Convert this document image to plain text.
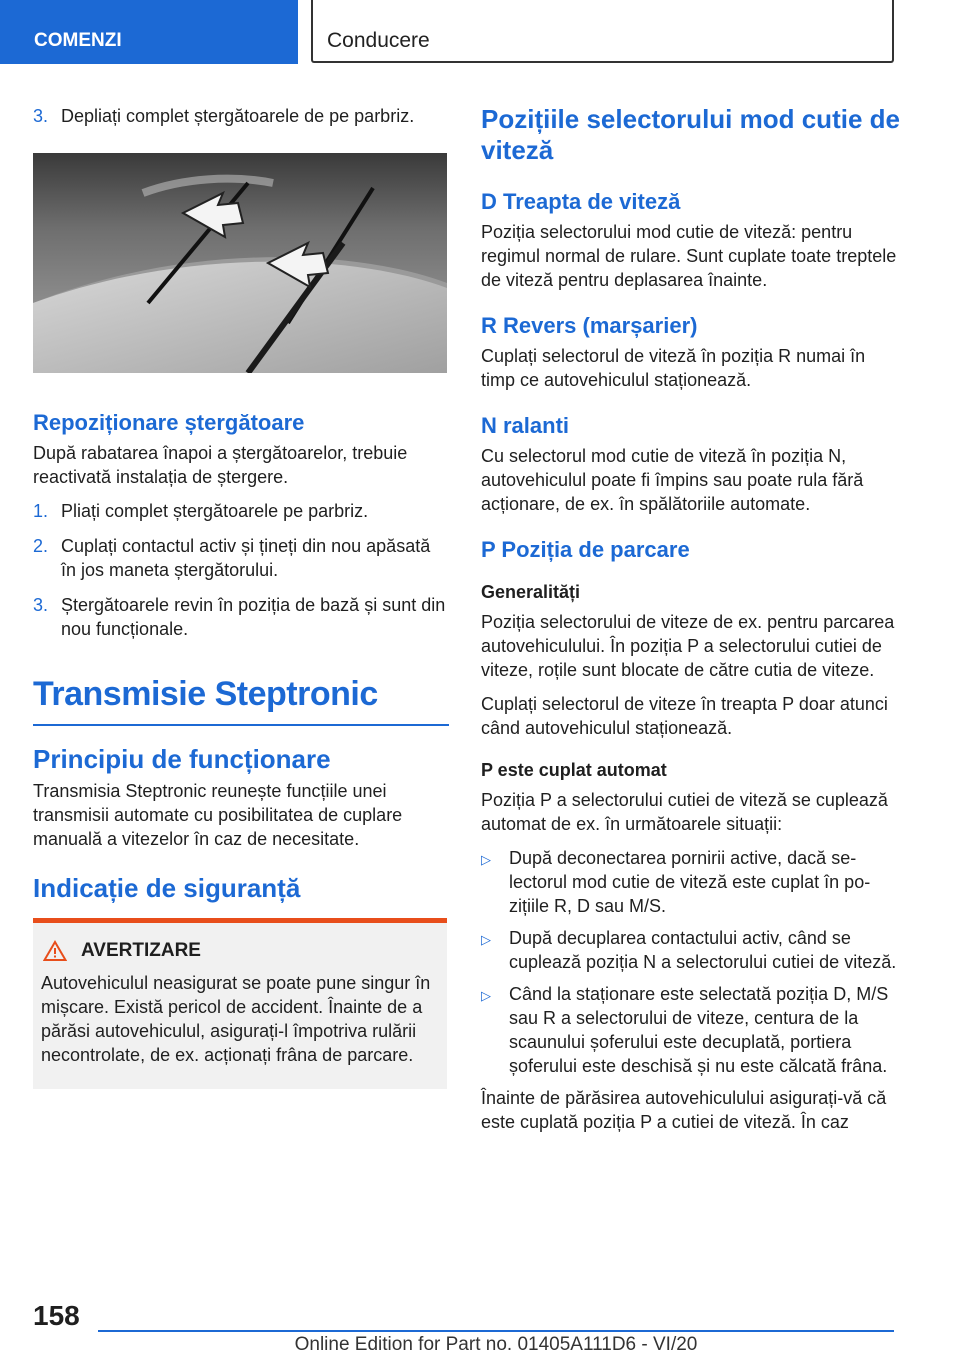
COMENZI	Conducere
3. Depliați complet ștergătoarele de pe parbriz.
Repoziționare ștergătoare

După rabatarea înapoi a ștergătoarelor, trebuie reactivată instalația de ștergere.

1. Pliați complet ștergătoarele pe parbriz.
2. Cuplați contactul activ și țineți din nou apăsată în jos maneta ștergătorului.
3. Ștergătoarele revin în poziția de bază și sunt din nou funcționale.
Transmisie Steptronic
Principiu de funcționare

Transmisia Steptronic reunește funcțiile unei transmisii automate cu posibilitatea de cuplare manuală a vitezelor în caz de necesitate.

Indicație de siguranță
AVERTIZARE

Autovehiculul neasigurat se poate pune singur în mișcare. Există pericol de accident. Înainte de a părăsi autovehiculul, asigurați-l împotriva rulării necontrolate, de ex. acționați frâna de parcare.

Pozițiile selectorului mod cutie de viteză
D Treapta de viteză

Poziția selectorului mod cutie de viteză: pentru regimul normal de rulare. Sunt cuplate toate treptele de viteză pentru deplasarea înainte.

R Revers (marșarier)

Cuplați selectorul de viteză în poziția R numai în timp ce autovehiculul staționează.

N ralanti

Cu selectorul mod cutie de viteză în poziția N, autovehiculul poate fi împins sau poate rula fără acționare, de ex. în spălătoriile automate.

P Poziția de parcare
Generalități

Poziția selectorului de viteze de ex. pentru parcarea autovehiculului. În poziția P a selectorului cutiei de viteze, roțile sunt blocate de către cutia de viteze.

Cuplați selectorul de viteze în treapta P doar atunci când autovehiculul staționează.

P este cuplat automat

Poziția P a selectorului cutiei de viteză se cuplează automat de ex. în următoarele situații:

▷	După deconectarea pornirii active, dacă selectorul mod cutie de viteză este cuplat în pozițiile R, D sau M/S.
▷	După decuplarea contactului activ, când se cuplează poziția N a selectorului cutiei de viteză.
▷	Când la staționare este selectată poziția D, M/S sau R a selectorului de viteze, centura de la scaunului șoferului este decuplată, portiera șoferului este deschisă și nu este călcată frâna.

Înainte de părăsirea autovehiculului asigurați-vă că este cuplată poziția P a cutiei de viteză. În caz

158
Online Edition for Part no. 01405A111D6 - VI/20
